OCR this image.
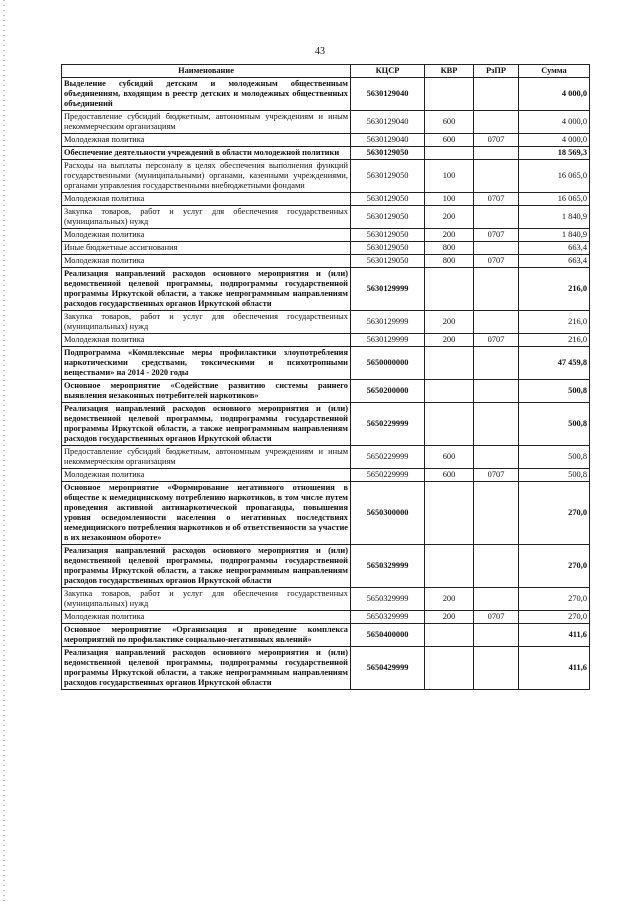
43
Наименование	КЦСР	КВР	РзПР	Сумма
Выделение субсидий детским и молодежным общественным объединениям, входящим в реестр детских и молодежных общественных объединений	5630129040			4 000,0
Предоставление субсидий бюджетным, автономным учреждениям и иным некоммерческим организациям	5630129040	600		4 000,0
Молодежная политика	5630129040	600	0707	4 000,0
Обеспечение деятельности учреждений в области молодежной политики	5630129050			18 569,3
Расходы на выплаты персоналу в целях обеспечения выполнения функций государственными (муниципальными) органами, казенными учреждениями, органами управления государственными внебюджетными фондами	5630129050	100		16 065,0
Молодежная политика	5630129050	100	0707	16 065,0
Закупка товаров, работ и услуг для обеспечения государственных (муниципальных) нужд	5630129050	200		1 840,9
Молодежная политика	5630129050	200	0707	1 840,9
Иные бюджетные ассигнования	5630129050	800		663,4
Молодежная политика	5630129050	800	0707	663,4
Реализация направлений расходов основного мероприятия и (или) ведомственной целевой программы, подпрограммы государственной программы Иркутской области, а также непрограммным направлениям расходов государственных органов Иркутской области	5630129999			216,0
Закупка товаров, работ и услуг для обеспечения государственных (муниципальных) нужд	5630129999	200		216,0
Молодежная политика	5630129999	200	0707	216,0
Подпрограмма «Комплексные меры профилактики злоупотребления наркотическими средствами, токсическими и психотропными веществами» на 2014 - 2020 годы	5650000000			47 459,8
Основное мероприятие «Содействие развитию системы раннего выявления незаконных потребителей наркотиков»	5650200000			500,8
Реализация направлений расходов основного мероприятия и (или) ведомственной целевой программы, подпрограммы государственной программы Иркутской области, а также непрограммным направлениям расходов государственных органов Иркутской области	5650229999			500,8
Предоставление субсидий бюджетным, автономным учреждениям и иным некоммерческим организациям	5650229999	600		500,8
Молодежная политика	5650229999	600	0707	500,8
Основное мероприятие «Формирование негативного отношения в обществе к немедицинскому потреблению наркотиков, в том числе путем проведения активной антинаркотической пропаганды, повышения уровня осведомленности населения о негативных последствиях немедицинского потребления наркотиков и об ответственности за участие в их незаконном обороте»	5650300000			270,0
Реализация направлений расходов основного мероприятия и (или) ведомственной целевой программы, подпрограммы государственной программы Иркутской области, а также непрограммным направлениям расходов государственных органов Иркутской области	5650329999			270,0
Закупка товаров, работ и услуг для обеспечения государственных (муниципальных) нужд	5650329999	200		270,0
Молодежная политика	5650329999	200	0707	270,0
Основное мероприятие «Организация и проведение комплекса мероприятий по профилактике социально-негативных явлений»	5650400000			411,6
Реализация направлений расходов основного мероприятия и (или) ведомственной целевой программы, подпрограммы государственной программы Иркутской области, а также непрограммным направлениям расходов государственных органов Иркутской области	5650429999			411,6
